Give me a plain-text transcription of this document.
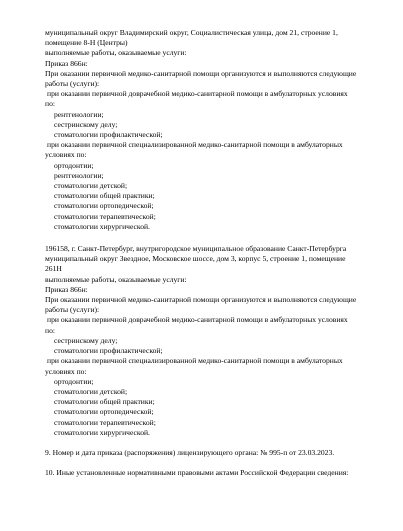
муниципальный округ Владимирский округ, Социалистическая улица, дом 21, строение 1,
помещение 8-Н (Центры)
выполняемые работы, оказываемые услуги:
Приказ 866н:
При оказании первичной медико-санитарной помощи организуются и выполняются следующие
работы (услуги):
при оказании первичной доврачебной медико-санитарной помощи в амбулаторных условиях
по:
рентгенологии;
сестринскому делу;
стоматологии профилактической;
при оказании первичной специализированной медико-санитарной помощи в амбулаторных
условиях по:
ортодонтии;
рентгенологии;
стоматологии детской;
стоматологии общей практики;
стоматологии ортопедической;
стоматологии терапевтической;
стоматологии хирургической.
196158, г. Санкт-Петербург, внутригородское муниципальное образование Санкт-Петербурга
муниципальный округ Звездное, Московское шоссе, дом 3, корпус 5, строение 1, помещение
261Н
выполняемые работы, оказываемые услуги:
Приказ 866н:
При оказании первичной медико-санитарной помощи организуются и выполняются следующие
работы (услуги):
при оказании первичной доврачебной медико-санитарной помощи в амбулаторных условиях
по:
сестринскому делу;
стоматологии профилактической;
при оказании первичной специализированной медико-санитарной помощи в амбулаторных
условиях по:
ортодонтии;
стоматологии детской;
стоматологии общей практики;
стоматологии ортопедической;
стоматологии терапевтической;
стоматологии хирургической.
9. Номер и дата приказа (распоряжения) лицензирующего органа: № 995-п от 23.03.2023.
10. Иные установленные нормативными правовыми актами Российской Федерации сведения:
